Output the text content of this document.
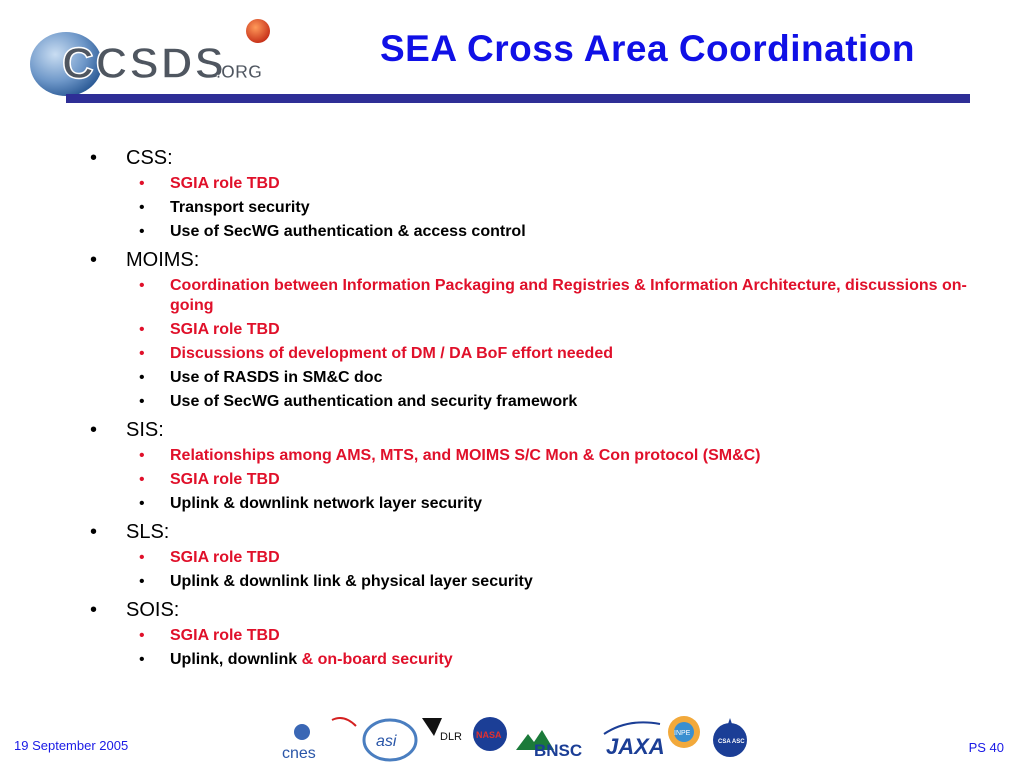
CCSDS
.ORG
SEA Cross Area Coordination
• CSS:
• SGIA role TBD
• Transport security
• Use of SecWG authentication & access control
• MOIMS:
• Coordination between Information Packaging and Registries & Information Architecture, discussions on-going
• SGIA role TBD
• Discussions of development of DM / DA BoF effort needed
• Use of RASDS in SM&C doc
• Use of SecWG authentication and security framework
• SIS:
• Relationships among AMS, MTS, and MOIMS S/C Mon & Con protocol (SM&C)
• SGIA role TBD
• Uplink & downlink network layer security
• SLS:
• SGIA role TBD
• Uplink & downlink link & physical layer security
• SOIS:
• SGIA role TBD
• Uplink, downlink & on-board security
19 September 2005	PS 40
cnes
asi	DLR NASA
BNSC JAXA
INPE
CSA ASC
